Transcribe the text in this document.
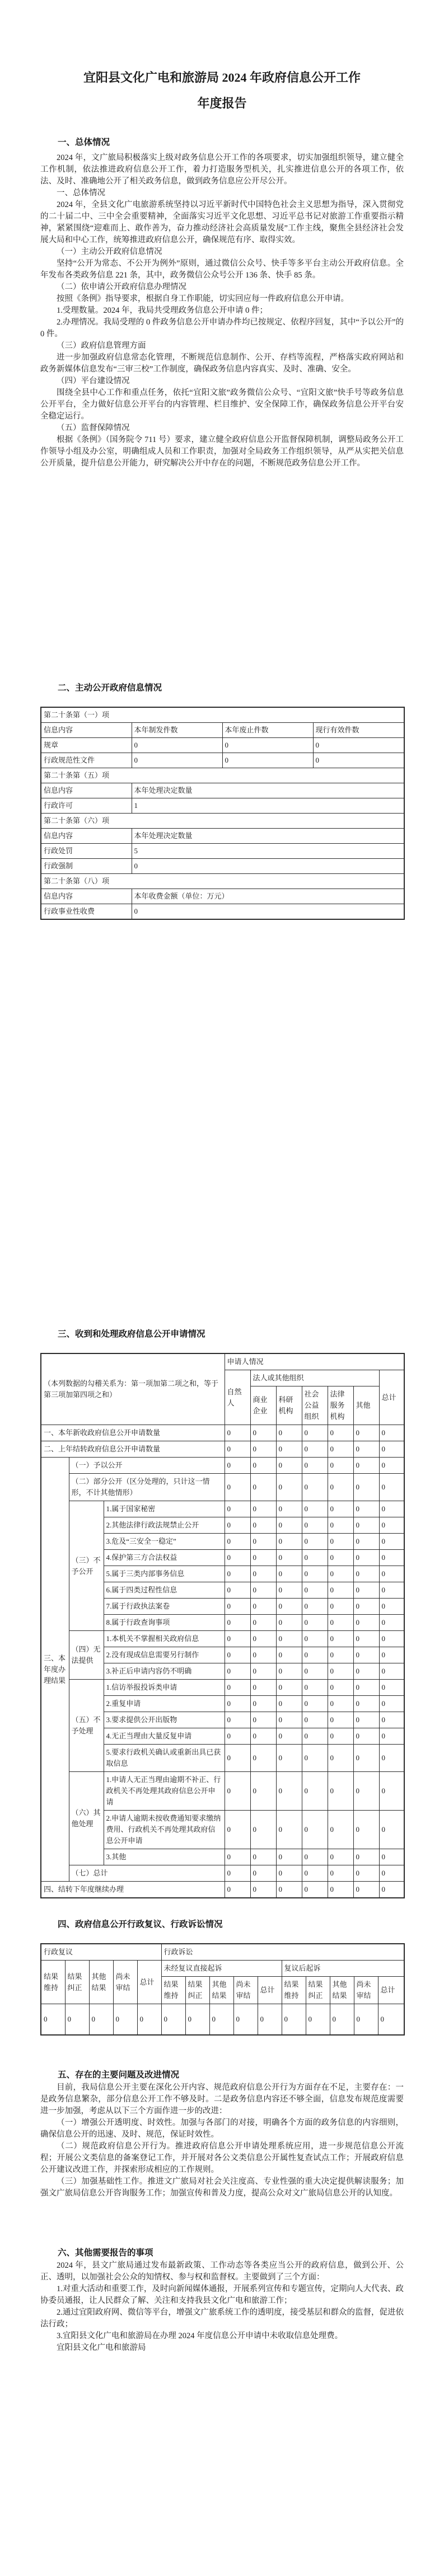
宜阳县文化广电和旅游局 2024 年政府信息公开工作
年度报告
一、总体情况

2024 年，文广旅局积极落实上级对政务信息公开工作的各项要求，切实加强组织领导，建立健全工作机制，依法推进政府信息公开工作，着力打造服务型机关，扎实推进信息公开的各项工作，依法、及时、准确地公开了相关政务信息，做到政务信息应公开尽公开。

一、总体情况

2024 年，全县文化广电旅游系统坚持以习近平新时代中国特色社会主义思想为指导，深入贯彻党的二十届二中、三中全会重要精神，全面落实习近平文化思想、习近平总书记对旅游工作重要指示精神，紧紧围绕“迎难而上、敢作善为，奋力推动经济社会高质量发展”工作主线，聚焦全县经济社会发展大局和中心工作，统筹推进政府信息公开，确保规范有序、取得实效。

（一）主动公开政府信息情况

坚持“公开为常态、不公开为例外”原则，通过微信公众号、快手等多平台主动公开政府信息。全年发布各类政务信息 221 条，其中，政务微信公众号公开 136 条、快手 85 条。

（二）依申请公开政府信息办理情况

按照《条例》指导要求，根据自身工作职能，切实回应每一件政府信息公开申请。

1.受理数量。2024 年，我局共受理政务信息公开申请 0 件；

2.办理情况。我局受理的 0 件政务信息公开申请办件均已按规定、依程序回复，其中“予以公开”的 0 件。

（三）政府信息管理方面

进一步加强政府信息常态化管理，不断规范信息制作、公开、存档等流程，严格落实政府网站和政务新媒体信息发布“三审三校”工作制度，确保政务信息内容真实、及时、准确、安全。

（四）平台建设情况

围绕全县中心工作和重点任务，依托“宜阳文旅”政务微信公众号、“宜阳文旅”快手号等政务信息公开平台，全力做好信息公开平台的内容管理、栏目维护、安全保障工作，确保政务信息公开平台安全稳定运行。

（五）监督保障情况

根据《条例》（国务院令 711 号）要求，建立健全政府信息公开监督保障机制，调整局政务公开工作领导小组及办公室，明确组成人员和工作职责，加强对全局政务工作组织领导，从严从实把关信息公开质量，提升信息公开能力，研究解决公开中存在的问题，不断规范政务信息公开工作。

二、主动公开政府信息情况
第二十条第（一）项			
信息内容	本年制发件数	本年废止件数	现行有效件数
规章	0	0	0
行政规范性文件	0	0	0
第二十条第（五）项			
信息内容	本年处理决定数量		
行政许可	1		
第二十条第（六）项			
信息内容	本年处理决定数量		
行政处罚	5		
行政强制	0		
第二十条第（八）项			
信息内容	本年收费金额（单位：万元）		
行政事业性收费	0		
三、收到和处理政府信息公开申请情况
（本列数据的勾稽关系为：第一项加第二项之和，等于第三项加第四项之和）			申请人情况						
			自然人	法人或其他组织					总计
				商业企业	科研机构	社会公益组织	法律服务机构	其他	
一、本年新收政府信息公开申请数量			0	0	0	0	0	0	0
二、上年结转政府信息公开申请数量			0	0	0	0	0	0	0
三、本年度办理结果	（一）予以公开		0	0	0	0	0	0	0
	（二）部分公开（区分处理的，只计这一情形，不计其他情形）		0	0	0	0	0	0	0
	（三）不予公开	1.属于国家秘密	0	0	0	0	0	0	0
		2.其他法律行政法规禁止公开	0	0	0	0	0	0	0
		3.危及“三安全一稳定”	0	0	0	0	0	0	0
		4.保护第三方合法权益	0	0	0	0	0	0	0
		5.属于三类内部事务信息	0	0	0	0	0	0	0
		6.属于四类过程性信息	0	0	0	0	0	0	0
		7.属于行政执法案卷	0	0	0	0	0	0	0
		8.属于行政查询事项	0	0	0	0	0	0	0
	（四）无法提供	1.本机关不掌握相关政府信息	0	0	0	0	0	0	0
		2.没有现成信息需要另行制作	0	0	0	0	0	0	0
		3.补正后申请内容仍不明确	0	0	0	0	0	0	0
	（五）不予处理	1.信访举报投诉类申请	0	0	0	0	0	0	0
		2.重复申请	0	0	0	0	0	0	0
		3.要求提供公开出版物	0	0	0	0	0	0	0
		4.无正当理由大量反复申请	0	0	0	0	0	0	0
		5.要求行政机关确认或重新出具已获取信息	0	0	0	0	0	0	0
	（六）其他处理	1.申请人无正当理由逾期不补正、行政机关不再处理其政府信息公开申请	0	0	0	0	0	0	0
		2.申请人逾期未按收费通知要求缴纳费用、行政机关不再处理其政府信息公开申请	0	0	0	0	0	0	0
		3.其他	0	0	0	0	0	0	0
	（七）总计		0	0	0	0	0	0	0
四、结转下年度继续办理			0	0	0	0	0	0	0
四、政府信息公开行政复议、行政诉讼情况
行政复议					行政诉讼									
结果维持	结果纠正	其他结果	尚未审结	总计	未经复议直接起诉					复议后起诉				
					结果维持	结果纠正	其他结果	尚未审结	总计	结果维持	结果纠正	其他结果	尚未审结	总计
0	0	0	0	0	0	0	0	0	0	0	0	0	0	0
五、存在的主要问题及改进情况

目前，我局信息公开主要在深化公开内容、规范政府信息公开行为方面存在不足，主要存在：一是政务信息繁杂，部分信息公开工作不够及时。二是政务信息内容还不够全面，信息发布规范度需要进一步加强，考虑从以下三个方面作进一步的改进：

（一）增强公开透明度、时效性。加强与各部门的对接，明确各个方面的政务信息的内容细则，确保信息公开的迅速、及时、规范，保证时效性。

（二）规范政府信息公开行为。推进政府信息公开申请处理系统应用，进一步规范信息公开流程；开展公文类信息的备案登记工作，并开展对各公文类信息公开属性复查试点工作；开展政府信息公开建议改进工作，并探索形成相应的工作规则。

（三）加强基础性工作。推进文广旅局对社会关注度高、专业性强的重大决定提供解读服务；加强文广旅局信息公开咨询服务工作；加强宣传和普及力度，提高公众对文广旅局信息公开的认知度。

六、其他需要报告的事项

2024 年，县文广旅局通过发布最新政策、工作动态等各类应当公开的政府信息，做到公开、公正、透明，以加强社会公众的知情权、参与权和监督权。主要做到了三个方面：

1.对重大活动和重要工作，及时向新闻媒体通报，开展系列宣传和专题宣传，定期向人大代表、政协委员通报，让人民群众了解、关注和支持我县文化广电和旅游工作；

2.通过宜阳政府网、微信等平台，增强文广旅系统工作的透明度，接受基层和群众的监督，促进依法行政；

3.宜阳县文化广电和旅游局在办理 2024 年度信息公开申请中未收取信息处理费。

宜阳县文化广电和旅游局
